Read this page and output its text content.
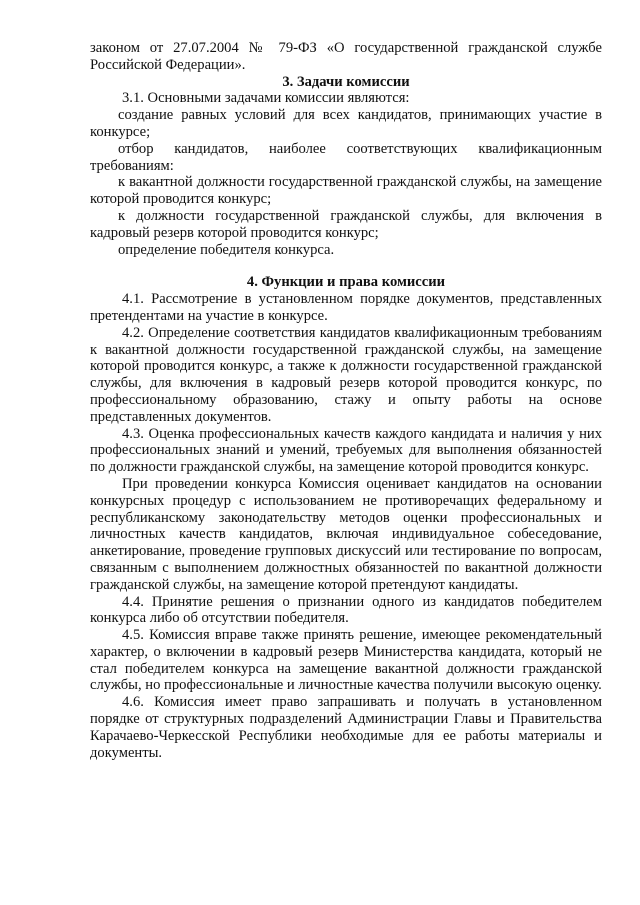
законом от 27.07.2004 № 79-ФЗ «О государственной гражданской службе Российской Федерации».

3. Задачи комиссии

3.1. Основными задачами комиссии являются:

создание равных условий для всех кандидатов, принимающих участие в конкурсе;

отбор кандидатов, наиболее соответствующих квалификационным требованиям:

к вакантной должности государственной гражданской службы, на замещение которой проводится конкурс;

к должности государственной гражданской службы, для включения в кадровый резерв которой проводится конкурс;

определение победителя конкурса.

4. Функции и права комиссии

4.1. Рассмотрение в установленном порядке документов, представленных претендентами на участие в конкурсе.

4.2. Определение соответствия кандидатов квалификационным требованиям к вакантной должности государственной гражданской службы, на замещение которой проводится конкурс, а также к должности государственной гражданской службы, для включения в кадровый резерв которой проводится конкурс, по профессиональному образованию, стажу и опыту работы на основе представленных документов.

4.3. Оценка профессиональных качеств каждого кандидата и наличия у них профессиональных знаний и умений, требуемых для выполнения обязанностей по должности гражданской службы, на замещение которой проводится конкурс.

При проведении конкурса Комиссия оценивает кандидатов на основании конкурсных процедур с использованием не противоречащих федеральному и республиканскому законодательству методов оценки профессиональных и личностных качеств кандидатов, включая индивидуальное собеседование, анкетирование, проведение групповых дискуссий или тестирование по вопросам, связанным с выполнением должностных обязанностей по вакантной должности гражданской службы, на замещение которой претендуют кандидаты.

4.4. Принятие решения о признании одного из кандидатов победителем конкурса либо об отсутствии победителя.

4.5. Комиссия вправе также принять решение, имеющее рекомендательный характер, о включении в кадровый резерв Министерства кандидата, который не стал победителем конкурса на замещение вакантной должности гражданской службы, но профессиональные и личностные качества получили высокую оценку.

4.6. Комиссия имеет право запрашивать и получать в установленном порядке от структурных подразделений Администрации Главы и Правительства Карачаево-Черкесской Республики необходимые для ее работы материалы и документы.
